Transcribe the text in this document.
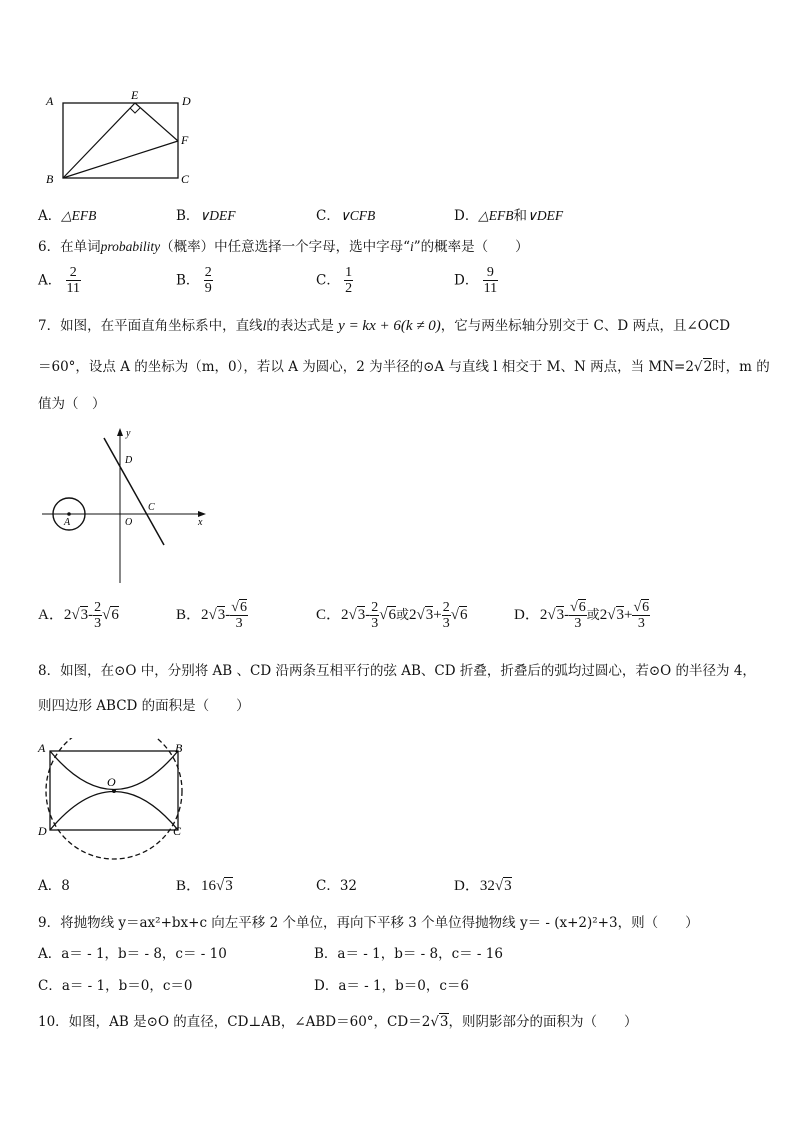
A	E	D
F
B	C
A．△EFB	B．∨DEF	C．∨CFB	D．△EFB和∨DEF
6．在单词probability（概率）中任意选择一个字母，选中字母“i”的概率是（　　）
A． $\frac{2}{11}$	B． $\frac{2}{9}$	C． $\frac{1}{2}$	D． $\frac{9}{11}$
7．如图，在平面直角坐标系中，直线l的表达式是 y = kx + 6(k ≠ 0)，它与两坐标轴分别交于 C、D 两点，且∠OCD
＝60°，设点 A 的坐标为（m，0），若以 A 为圆心，2 为半径的⊙A 与直线 l 相交于 M、N 两点，当 MN=2√2时，m 的
值为（　）
y
x
D
C
O
A
A．$2√3- \frac{2}{3} √6$	B．$2√3- \frac{√6}{3}$	C．$2√3- \frac{2}{3} √6$或$2√3+ \frac{2}{3} √6$	D．$2√3- \frac{√6}{3}$ 或$2√3+ \frac{√6}{3}$
8．如图，在⊙O 中，分别将 AB 、CD 沿两条互相平行的弦 AB、CD 折叠，折叠后的弧均过圆心，若⊙O 的半径为 4，
则四边形 ABCD 的面积是（　　）
A	B
O
D	C
A．8	B．16√3	C．32	D．32√3
9．将抛物线 y＝ax²+bx+c 向左平移 2 个单位，再向下平移 3 个单位得抛物线 y＝ - (x+2)²+3，则（　　）
A．a＝ - 1，b＝ - 8，c＝ - 10	B．a＝ - 1，b＝ - 8，c＝ - 16
C．a＝ - 1，b＝0，c＝0	D．a＝ - 1，b＝0，c＝6
10．如图，AB 是⊙O 的直径，CD⊥AB，∠ABD＝60°，CD＝2√3，则阴影部分的面积为（　　）
